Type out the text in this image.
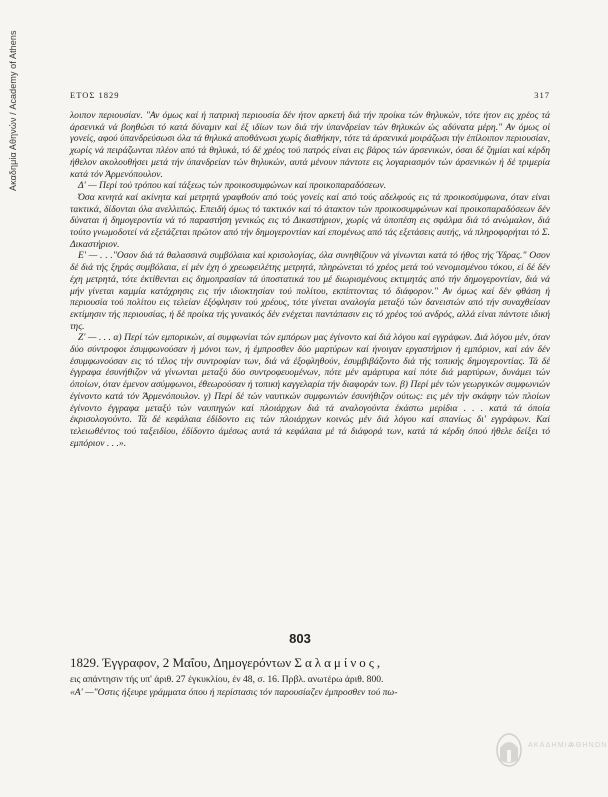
Ακαδημία Αθηνών / Academy of Athens	ΕΤΟΣ 1829	317

λοιπον περιουσίαν. "Αν όμως καί ή πατρική περιουσία δέν ήτον αρκετή διά τήν προίκα τών θηλυκών, τότε ήτον εις χρέος τά άρσενικά νά βοηθώσι τό κατά δύναμιν καί έξ ιδίων των διά τήν ύπανδρείαν τών θηλυκών ώς αδύνατα μέρη." Αν όμως οί γονείς, αφού ύπανδρεύσωσι όλα τά θηλυκά αποθάνωσι χωρίς διαθήκην, τότε τά άρσενικά μοιράζωσι τήν έπίλοιπον περιουσίαν, χωρίς νά πειράζωνται πλέον από τά θηλυκά, τό δέ χρέος τού πατρός είναι εις βάρος τών άρσενικών, όσαι δέ ζημίαι καί κέρδη ήθελον ακολουθήσει μετά τήν ύπανδρείαν τών θηλυκών, αυτά μένουν πάντοτε εις λογαριασμόν τών άρσενικών ή δέ τριμερία κατά τόν Άρμενόπουλον.

Δ' — Περί τού τρόπου καί τάξεως τών προικοσυμφώνων καί προικοπαραδόσεων.

Όσα κινητά καί ακίνητα καί μετρητά γραφθούν από τούς γονείς καί από τούς αδελφούς εις τά προικοσύμφωνα, όταν είναι τακτικά, δίδονται όλα ανελλιπώς. Επειδή όμως τό τακτικόν καί τό άτακτον τών προικοσυμφώνων καί προικοπαραδόσεων δέν δύναται ή δημογεροντία νά τό παραστήση γενικώς εις τό Δικαστήριον, χωρίς νά ύποπέση εις σφάλμα διά τό ανώμαλον, διά τούτο γνωμοδοτεί νά εξετάζεται πρώτον από τήν δημογεροντίαν καί επομένως από τάς εξετάσεις αυτής, νά πληροφορήται τό Σ. Δικαστήριον.

Ε' — . . ."Οσον διά τά θαλασσινά συμβόλαια καί κρισολογίας, όλα συνηθίζουν νά γίνωνται κατά τό ήθος τής Ύδρας." Οσον δέ διά τής ξηράς συμβόλαια, εί μέν έχη ό χρεωφειλέτης μετρητά, πληρώνεται τό χρέος μετά τού νενομισμένου τόκου, εί δέ δέν έχη μετρητά, τότε έκτίθενται εις δημοπρασίαν τά ύποστατικά του μέ διωρισμένους εκτιμητάς από τήν δημογεροντίαν, διά νά μήν γίνεται καμμία κατάχρησις εις τήν ιδιοκτησίαν τού πολίτου, εκπίπτοντας τό διάφορον." Αν όμως καί δέν φθάση ή περιουσία τού πολίτου εις τελείαν έξόφλησιν τού χρέους, τότε γίνεται αναλογία μεταξύ τών δανειστών από τήν συναχθείσαν εκτίμησιν τής περιουσίας, ή δέ προίκα τής γυναικός δέν ενέχεται παντάπασιν εις τό χρέος τού ανδρός, αλλά είναι πάντοτε ιδική της.

Ζ' — . . . α) Περί τών εμπορικών, αί συμφωνίαι τών εμπόρων μας έγίνοντο καί διά λόγου καί εγγράφων. Διά λόγου μέν, όταν δύο σύντροφοι έσυμφωνούσαν ή μόνοι των, ή έμπροσθεν δύο μαρτύρων καί ήνοιγαν εργαστήριον ή εμπόριον, καί εάν δέν έσυμφωνούσαν εις τό τέλος τήν συντροφίαν των, διά νά έξοφληθούν, έσυμβιβάζοντο διά τής τοπικής δημογεροντίας. Τά δέ έγγραφα έσυνήθιζον νά γίνωνται μεταξύ δύο συντροφευομένων, πότε μέν αμάρτυρα καί πότε διά μαρτύρων, δυνάμει τών όποίων, όταν έμενον ασύμφωνοι, έθεωρούσαν ή τοπική καγγελαρία τήν διαφοράν των. β) Περί μέν τών γεωργικών συμφωνιών έγίνοντο κατά τόν Άρμενόπουλον. γ) Περί δέ τών ναυτικών συμφωνιών έσυνήθιζον ούτως: εις μέν τήν σκάφην τών πλοίων έγίνοντο έγγραφα μεταξύ τών ναυπηγών καί πλοιάρχων διά τά αναλογούντα έκάστω μερίδια . . . κατά τά όποία έκρισολογούντο. Τά δέ κεφάλαια έδίδοντο εις τών πλοιάρχων κοινώς μέν διά λόγου καί σπανίως δι' εγγράφων. Καί τελειωθέντος τού ταξειδίου, έδίδοντο άμέσως αυτά τά κεφάλαια μέ τά διάφορά των, κατά τά κέρδη όπού ήθελε δείξει τό εμπόριον . . .».

803
1829. Έγγραφον, 2 Μαΐου, Δημογερόντων Σαλαμίνος,
εις απάντησιν τής υπ' άριθ. 27 έγκυκλίου, έν 48, σ. 16. Πρβλ. ανωτέρω άριθ. 800.
«Α' —"Οστις ήξευρε γράμματα όπου ή περίστασις τόν παρουσίαζεν έμπροσθεν τού πω-
ΑΚΑΔΗΜΙΑ
ΑΘΗΝΩΝ
